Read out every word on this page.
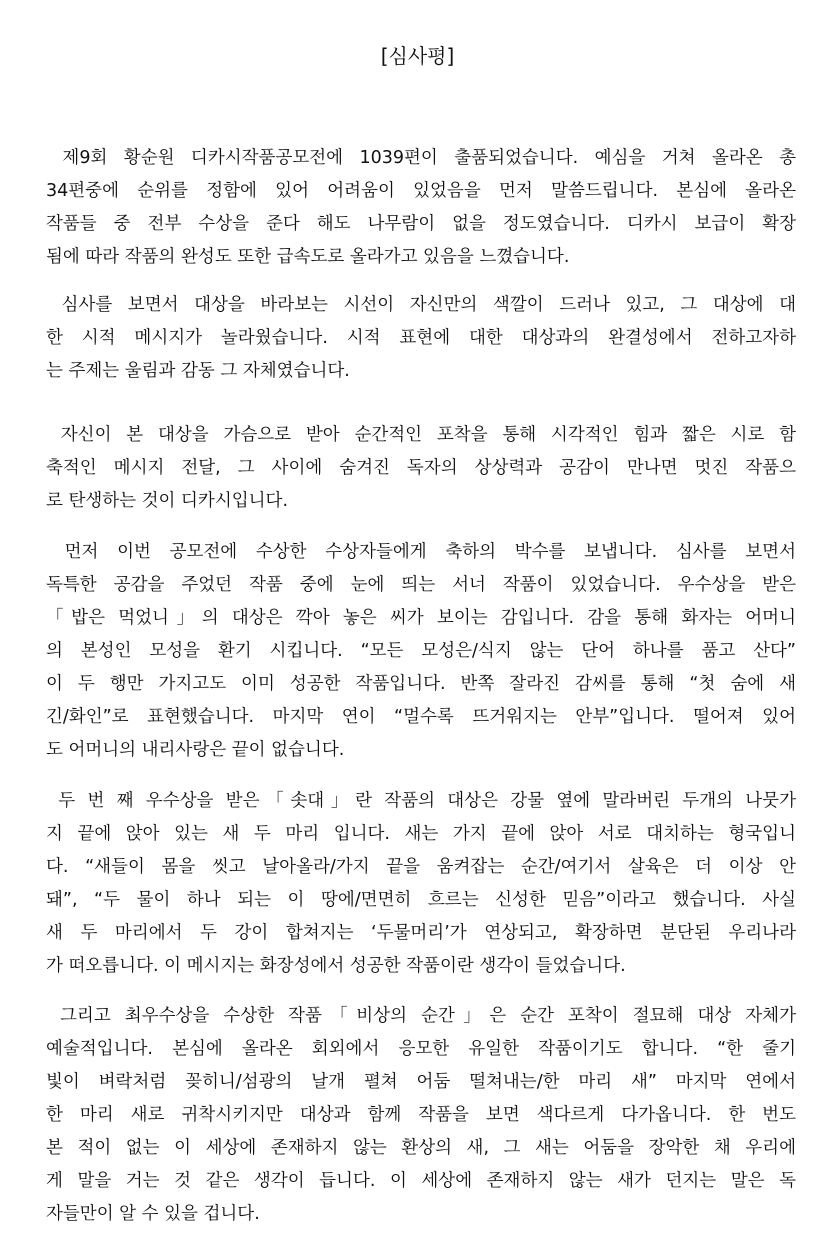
[심사평]
제9회 황순원 디카시작품공모전에 1039편이 출품되었습니다. 예심을 거쳐 올라온 총
34편중에 순위를 정함에 있어 어려움이 있었음을 먼저 말씀드립니다. 본심에 올라온
작품들 중 전부 수상을 준다 해도 나무람이 없을 정도였습니다. 디카시 보급이 확장
됨에 따라 작품의 완성도 또한 급속도로 올라가고 있음을 느꼈습니다.
심사를 보면서 대상을 바라보는 시선이 자신만의 색깔이 드러나 있고, 그 대상에 대
한 시적 메시지가 놀라웠습니다. 시적 표현에 대한 대상과의 완결성에서 전하고자하
는 주제는 울림과 감동 그 자체였습니다.
자신이 본 대상을 가슴으로 받아 순간적인 포착을 통해 시각적인 힘과 짧은 시로 함
축적인 메시지 전달, 그 사이에 숨겨진 독자의 상상력과 공감이 만나면 멋진 작품으
로 탄생하는 것이 디카시입니다.
먼저 이번 공모전에 수상한 수상자들에게 축하의 박수를 보냅니다. 심사를 보면서
독특한 공감을 주었던 작품 중에 눈에 띄는 서너 작품이 있었습니다. 우수상을 받은
「밥은 먹었니」의 대상은 깍아 놓은 씨가 보이는 감입니다. 감을 통해 화자는 어머니
의 본성인 모성을 환기 시킵니다. “모든 모성은/식지 않는 단어 하나를 품고 산다”
이 두 행만 가지고도 이미 성공한 작품입니다. 반쪽 잘라진 감씨를 통해 “첫 숨에 새
긴/화인”로 표현했습니다. 마지막 연이 “멀수록 뜨거워지는 안부”입니다. 떨어져 있어
도 어머니의 내리사랑은 끝이 없습니다.
두 번 째 우수상을 받은「솟대」란 작품의 대상은 강물 옆에 말라버린 두개의 나뭇가
지 끝에 앉아 있는 새 두 마리 입니다. 새는 가지 끝에 앉아 서로 대치하는 형국입니
다. “새들이 몸을 씻고 날아올라/가지 끝을 움켜잡는 순간/여기서 살육은 더 이상 안
돼”, “두 물이 하나 되는 이 땅에/면면히 흐르는 신성한 믿음”이라고 했습니다. 사실
새 두 마리에서 두 강이 합쳐지는 ‘두물머리’가 연상되고, 확장하면 분단된 우리나라
가 떠오릅니다. 이 메시지는 화장성에서 성공한 작품이란 생각이 들었습니다.
그리고 최우수상을 수상한 작품「비상의 순간」은 순간 포착이 절묘해 대상 자체가
예술적입니다. 본심에 올라온 회외에서 응모한 유일한 작품이기도 합니다. “한 줄기
빛이 벼락처럼 꽂히니/섬광의 날개 펼쳐 어둠 떨쳐내는/한 마리 새” 마지막 연에서
한 마리 새로 귀착시키지만 대상과 함께 작품을 보면 색다르게 다가옵니다. 한 번도
본 적이 없는 이 세상에 존재하지 않는 환상의 새, 그 새는 어둠을 장악한 채 우리에
게 말을 거는 것 같은 생각이 듭니다. 이 세상에 존재하지 않는 새가 던지는 말은 독
자들만이 알 수 있을 겁니다.
